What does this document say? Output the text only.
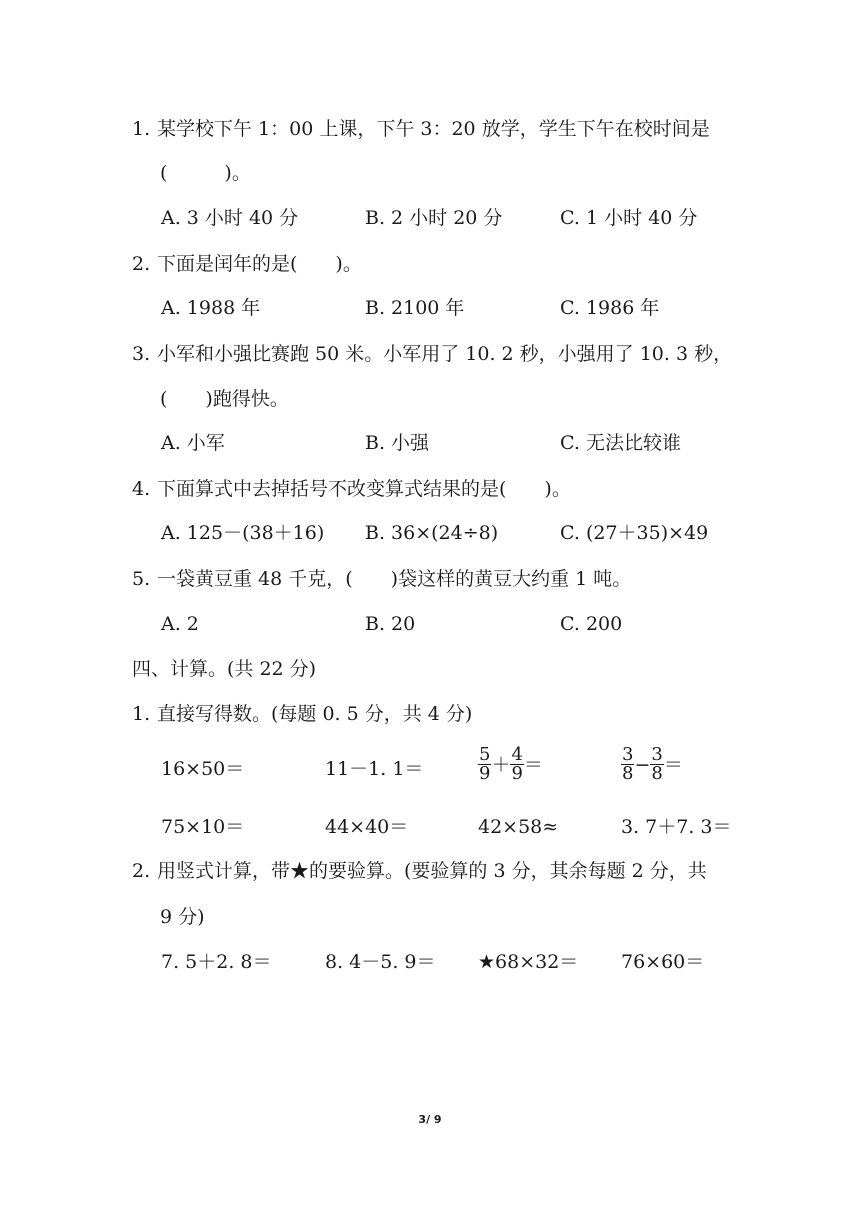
1. 某学校下午 1：00 上课，下午 3：20 放学，学生下午在校时间是
(　　　)。
A. 3 小时 40 分	B. 2 小时 20 分	C. 1 小时 40 分
2. 下面是闰年的是(　　)。
A. 1988 年	B. 2100 年	C. 1986 年
3. 小军和小强比赛跑 50 米。小军用了 10. 2 秒，小强用了 10. 3 秒，
(　　)跑得快。
A. 小军	B. 小强	C. 无法比较谁
4. 下面算式中去掉括号不改变算式结果的是(　　)。
A. 125－(38＋16) B. 36×(24÷8)	C. (27＋35)×49
5. 一袋黄豆重 48 千克，(　　)袋这样的黄豆大约重 1 吨。
A. 2	B. 20	C. 200
四、计算。(共 22 分)
1. 直接写得数。(每题 0. 5 分，共 4 分)
16×50＝	11－1. 1＝	$\frac{5}{9} + \frac{4}{9}$ ＝	$\frac{3}{8} - \frac{3}{8}$ ＝
75×10＝	44×40＝	42×58≈	3. 7＋7. 3＝
2. 用竖式计算，带★的要验算。(要验算的 3 分，其余每题 2 分，共
9 分)
7. 5＋2. 8＝	8. 4－5. 9＝ ★68×32＝ 76×60＝
3/ 9
